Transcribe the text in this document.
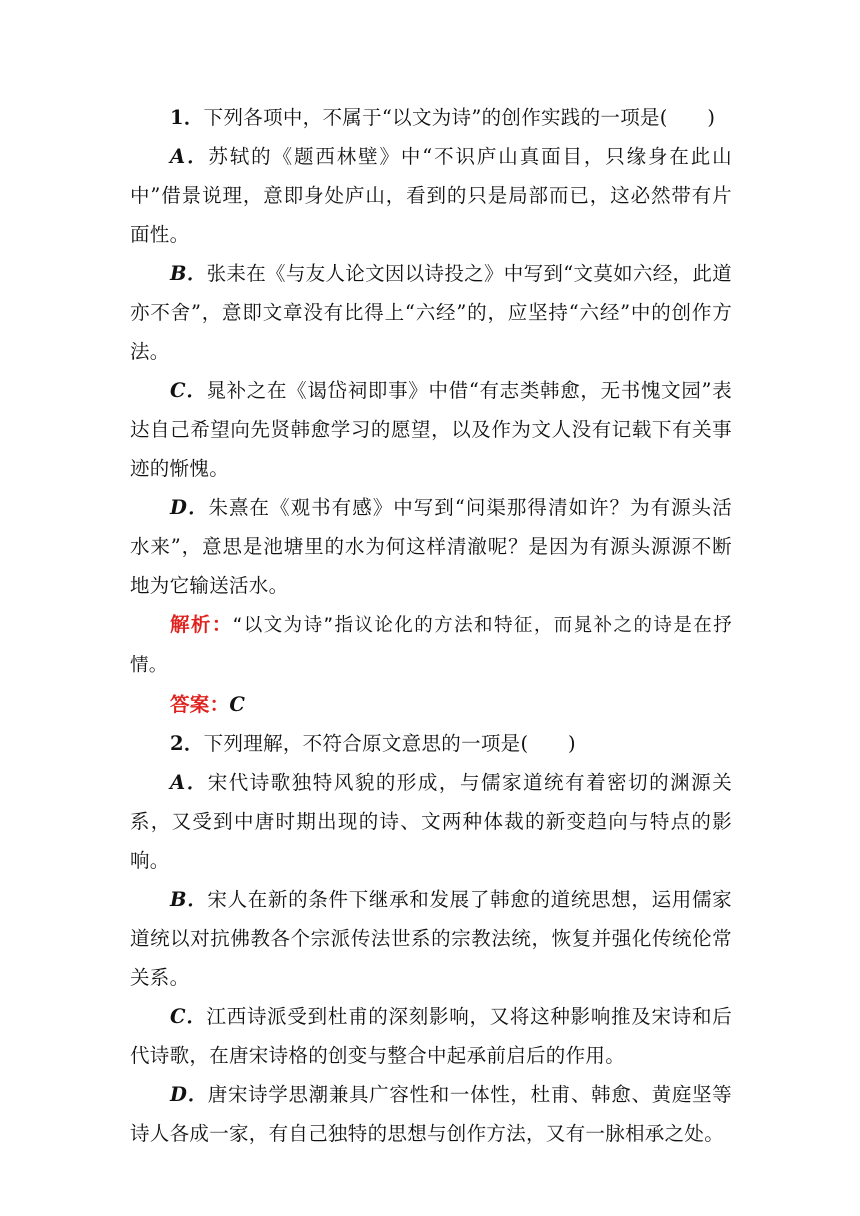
1．下列各项中，不属于“以文为诗”的创作实践的一项是(　　)

A．苏轼的《题西林壁》中“不识庐山真面目，只缘身在此山中”借景说理，意即身处庐山，看到的只是局部而已，这必然带有片面性。

B．张耒在《与友人论文因以诗投之》中写到“文莫如六经，此道亦不舍”，意即文章没有比得上“六经”的，应坚持“六经”中的创作方法。

C．晁补之在《谒岱祠即事》中借“有志类韩愈，无书愧文园”表达自己希望向先贤韩愈学习的愿望，以及作为文人没有记载下有关事迹的惭愧。

D．朱熹在《观书有感》中写到“问渠那得清如许？为有源头活水来”，意思是池塘里的水为何这样清澈呢？是因为有源头源源不断地为它输送活水。

解析：“以文为诗”指议论化的方法和特征，而晁补之的诗是在抒情。

答案：C

2．下列理解，不符合原文意思的一项是(　　)

A．宋代诗歌独特风貌的形成，与儒家道统有着密切的渊源关系，又受到中唐时期出现的诗、文两种体裁的新变趋向与特点的影响。

B．宋人在新的条件下继承和发展了韩愈的道统思想，运用儒家道统以对抗佛教各个宗派传法世系的宗教法统，恢复并强化传统伦常关系。

C．江西诗派受到杜甫的深刻影响，又将这种影响推及宋诗和后代诗歌，在唐宋诗格的创变与整合中起承前启后的作用。

D．唐宋诗学思潮兼具广容性和一体性，杜甫、韩愈、黄庭坚等诗人各成一家，有自己独特的思想与创作方法，又有一脉相承之处。
